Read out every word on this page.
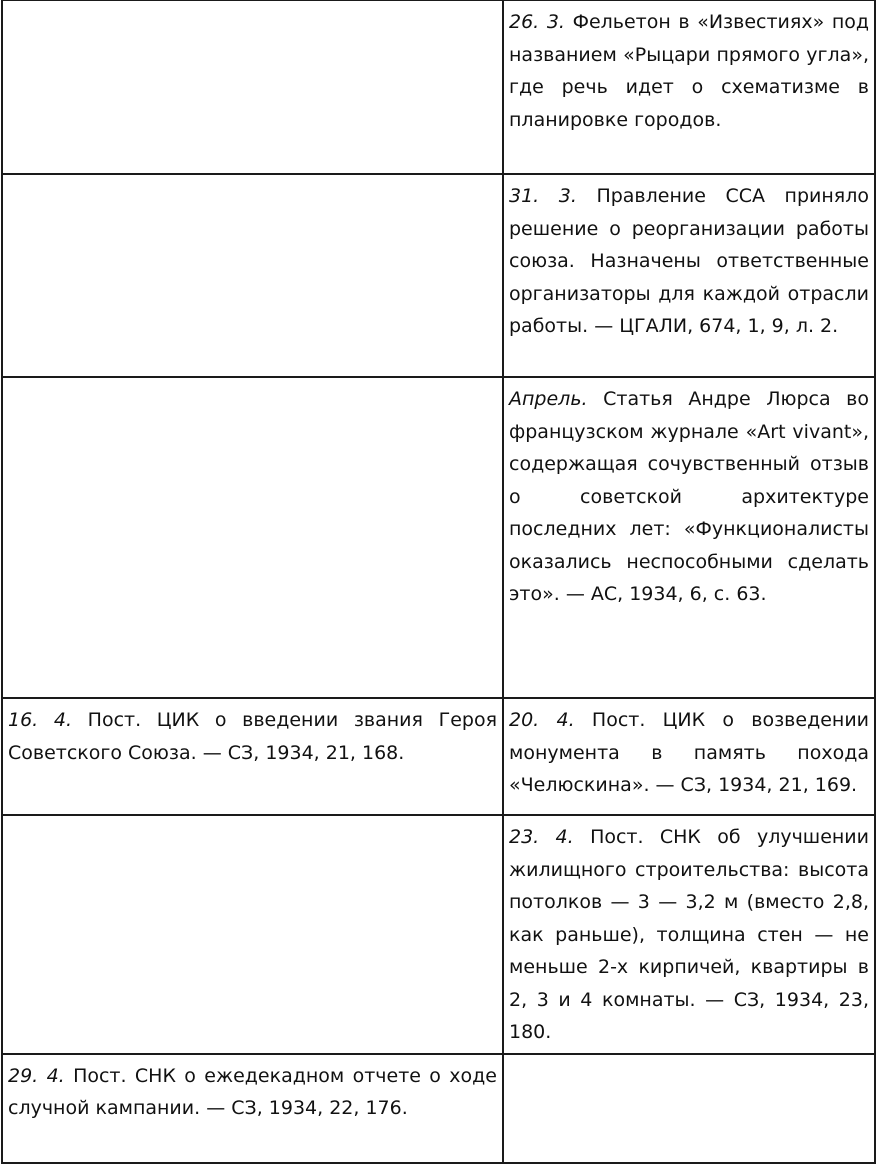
	26. 3. Фельетон в «Известиях» под названием «Рыцари прямого угла», где речь идет о схематизме в планировке городов.
	31. 3. Правление ССА приняло решение о реорганизации работы союза. Назначены ответственные организаторы для каждой отрасли работы. — ЦГАЛИ, 674, 1, 9, л. 2.
	Апрель. Статья Андре Люрса во французском журнале «Art vivant», содержащая сочувственный отзыв о советской архитектуре последних лет: «Функционалисты оказались неспособными сделать это». — АС, 1934, 6, с. 63.
16. 4. Пост. ЦИК о введении звания Героя Советского Союза. — СЗ, 1934, 21, 168.	20. 4. Пост. ЦИК о возведении монумента в память похода «Челюскина». — СЗ, 1934, 21, 169.
	23. 4. Пост. СНК об улучшении жилищного строительства: высота потолков — 3 — 3,2 м (вместо 2,8, как раньше), толщина стен — не меньше 2-х кирпичей, квартиры в 2, 3 и 4 комнаты. — СЗ, 1934, 23, 180.
29. 4. Пост. СНК о ежедекадном отчете о ходе случной кампании. — СЗ, 1934, 22, 176.	
